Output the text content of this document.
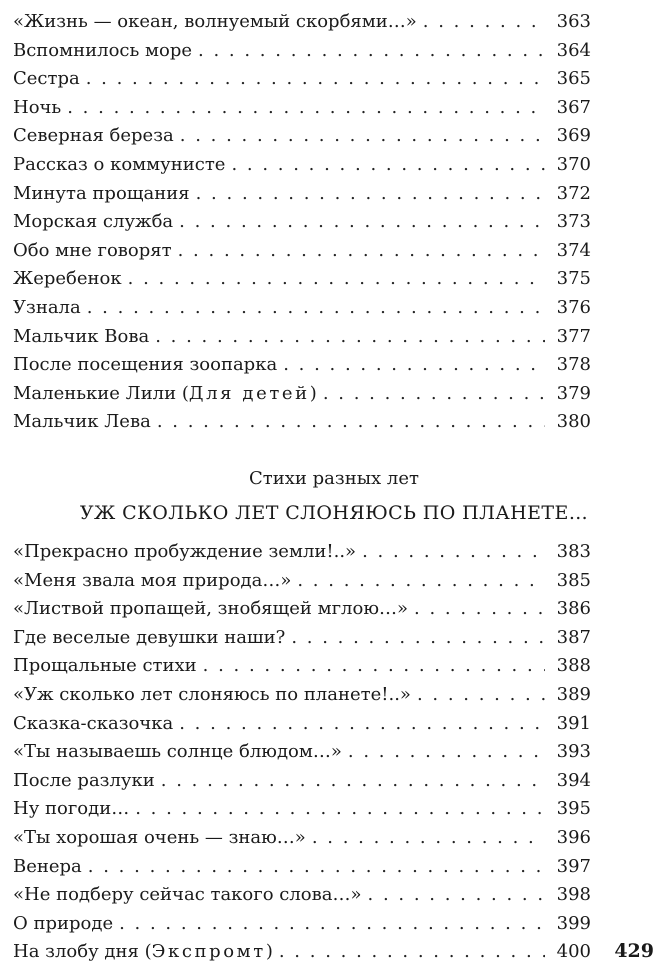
«Жизнь — океан, волнуемый скорбями…» . . .	363
Вспомнилось море . . .	364
Сестра . . .	365
Ночь . . .	367
Северная береза . . .	369
Рассказ о коммунисте . . .	370
Минута прощания . . .	372
Морская служба . . .	373
Обо мне говорят . . .	374
Жеребенок . . .	375
Узнала . . .	376
Мальчик Вова . . .	377
После посещения зоопарка . . .	378
Маленькие Лили (Для детей) . . .	379
Мальчик Лева . . .	380
Стихи разных лет
УЖ СКОЛЬКО ЛЕТ СЛОНЯЮСЬ ПО ПЛАНЕТЕ…
«Прекрасно пробуждение земли!..» . . .	383
«Меня звала моя природа…» . . .	385
«Листвой пропащей, знобящей мглою…» . . .	386
Где веселые девушки наши? . . .	387
Прощальные стихи . . .	388
«Уж сколько лет слоняюсь по планете!..» . . .	389
Сказка-сказочка . . .	391
«Ты называешь солнце блюдом…» . . .	393
После разлуки . . .	394
Ну погоди… . . .	395
«Ты хорошая очень — знаю…» . . .	396
Венера . . .	397
«Не подберу сейчас такого слова…» . . .	398
О природе . . .	399
На злобу дня (Экспромт) . . .	400 429
